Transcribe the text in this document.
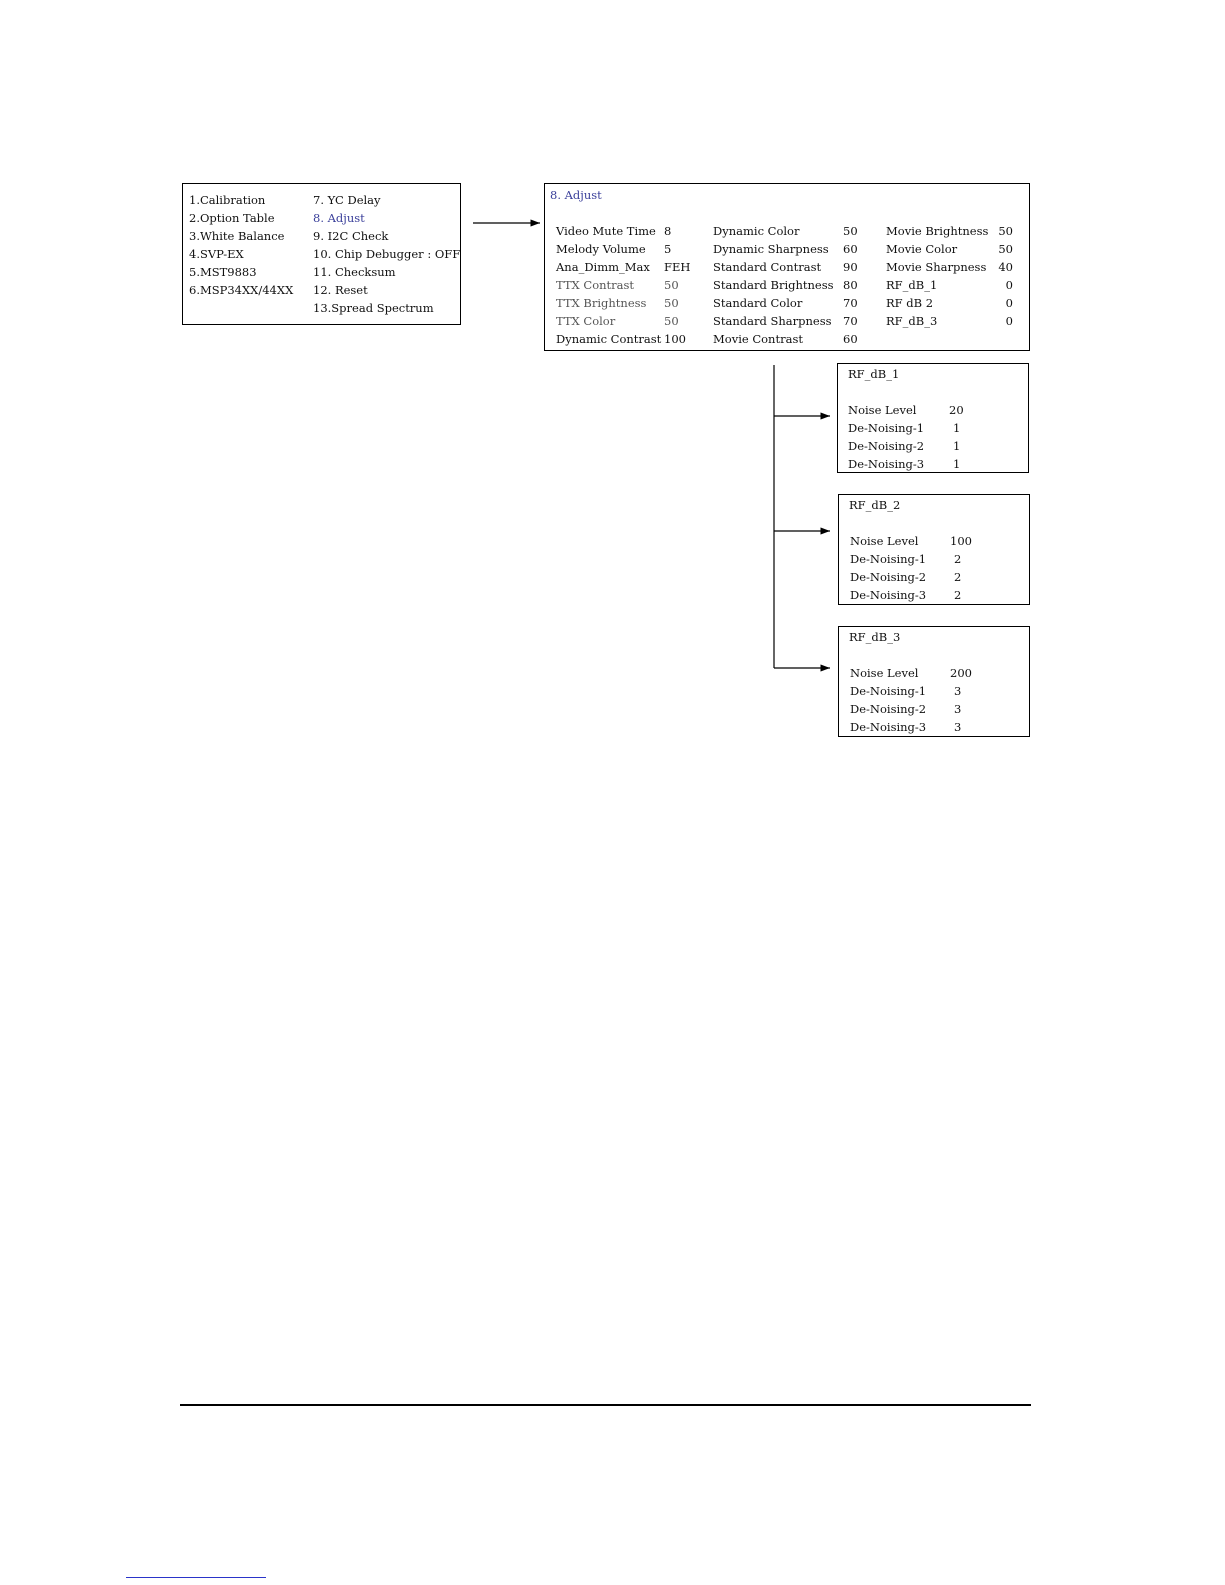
1.Calibration
2.Option Table
3.White Balance
4.SVP-EX
5.MST9883
6.MSP34XX/44XX
7. YC Delay
8. Adjust
9. I2C Check
10. Chip Debugger : OFF
11. Checksum
12. Reset
13.Spread Spectrum
8. Adjust
Video Mute Time 8
Melody Volume 5
Ana_Dimm_Max FEH
TTX Contrast	50
TTX Brightness 50
TTX Color	50
Dynamic Contrast 100
Dynamic Color	50
Dynamic Sharpness 60
Standard Contrast 90
Standard Brightness 80
Standard Color	70
Standard Sharpness 70
Movie Contrast	60
Movie Brightness 50
Movie Color	50
Movie Sharpness 40
RF_dB_1	0
RF dB 2	0
RF_dB_3	0
RF_dB_1
Noise Level	20
De-Noising-1	1
De-Noising-2	1
De-Noising-3	1
RF_dB_2
Noise Level	100
De-Noising-1 2
De-Noising-2 2
De-Noising-3 2
RF_dB_3
Noise Level	200
De-Noising-1 3
De-Noising-2 3
De-Noising-3 3
